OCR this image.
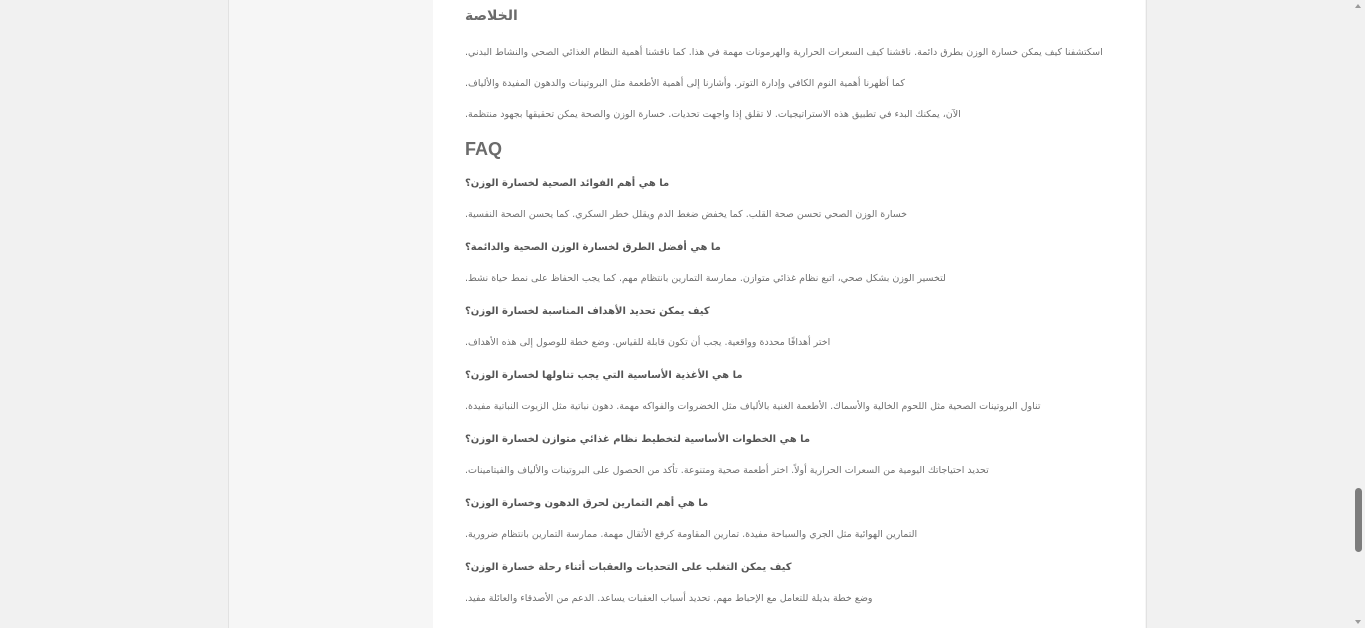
الخلاصة

.اسكتشفنا كيف يمكن خسارة الوزن بطرق دائمة. ناقشنا كيف السعرات الحرارية والهرمونات مهمة في هذا. كما ناقشنا أهمية النظام الغذائي الصحي والنشاط البدني

.كما أظهرنا أهمية النوم الكافي وإدارة التوتر. وأشارنا إلى أهمية الأطعمة مثل البروتينات والدهون المفيدة والألياف

.الآن، يمكنك البدء في تطبيق هذه الاستراتيجيات. لا تقلق إذا واجهت تحديات. خسارة الوزن والصحة يمكن تحقيقها بجهود منتظمة

FAQ
ما هي أهم الفوائد الصحية لخسارة الوزن؟

.خسارة الوزن الصحي تحسن صحة القلب. كما يخفض ضغط الدم ويقلل خطر السكري. كما يحسن الصحة النفسية

ما هي أفضل الطرق لخسارة الوزن الصحية والدائمة؟

.لتخسير الوزن بشكل صحي، اتبع نظام غذائي متوازن. ممارسة التمارين بانتظام مهم. كما يجب الحفاظ على نمط حياة نشط

كيف يمكن تحديد الأهداف المناسبة لخسارة الوزن؟

.اختر أهدافًا محددة وواقعية. يجب أن تكون قابلة للقياس. وضع خطة للوصول إلى هذه الأهداف

ما هي الأغذية الأساسية التي يجب تناولها لخسارة الوزن؟

.تناول البروتينات الصحية مثل اللحوم الخالية والأسماك. الأطعمة الغنية بالألياف مثل الخضروات والفواكه مهمة. دهون نباتية مثل الزيوت النباتية مفيدة

ما هي الخطوات الأساسية لتخطيط نظام غذائي متوازن لخسارة الوزن؟

.تحديد احتياجاتك اليومية من السعرات الحرارية أولاً. اختر أطعمة صحية ومتنوعة. تأكد من الحصول على البروتينات والألياف والفيتامينات

ما هي أهم التمارين لحرق الدهون وخسارة الوزن؟

.التمارين الهوائية مثل الجري والسباحة مفيدة. تمارين المقاومة كرفع الأثقال مهمة. ممارسة التمارين بانتظام ضرورية

كيف يمكن التغلب على التحديات والعقبات أثناء رحلة خسارة الوزن؟

.وضع خطة بديلة للتعامل مع الإحباط مهم. تحديد أسباب العقبات يساعد. الدعم من الأصدقاء والعائلة مفيد
